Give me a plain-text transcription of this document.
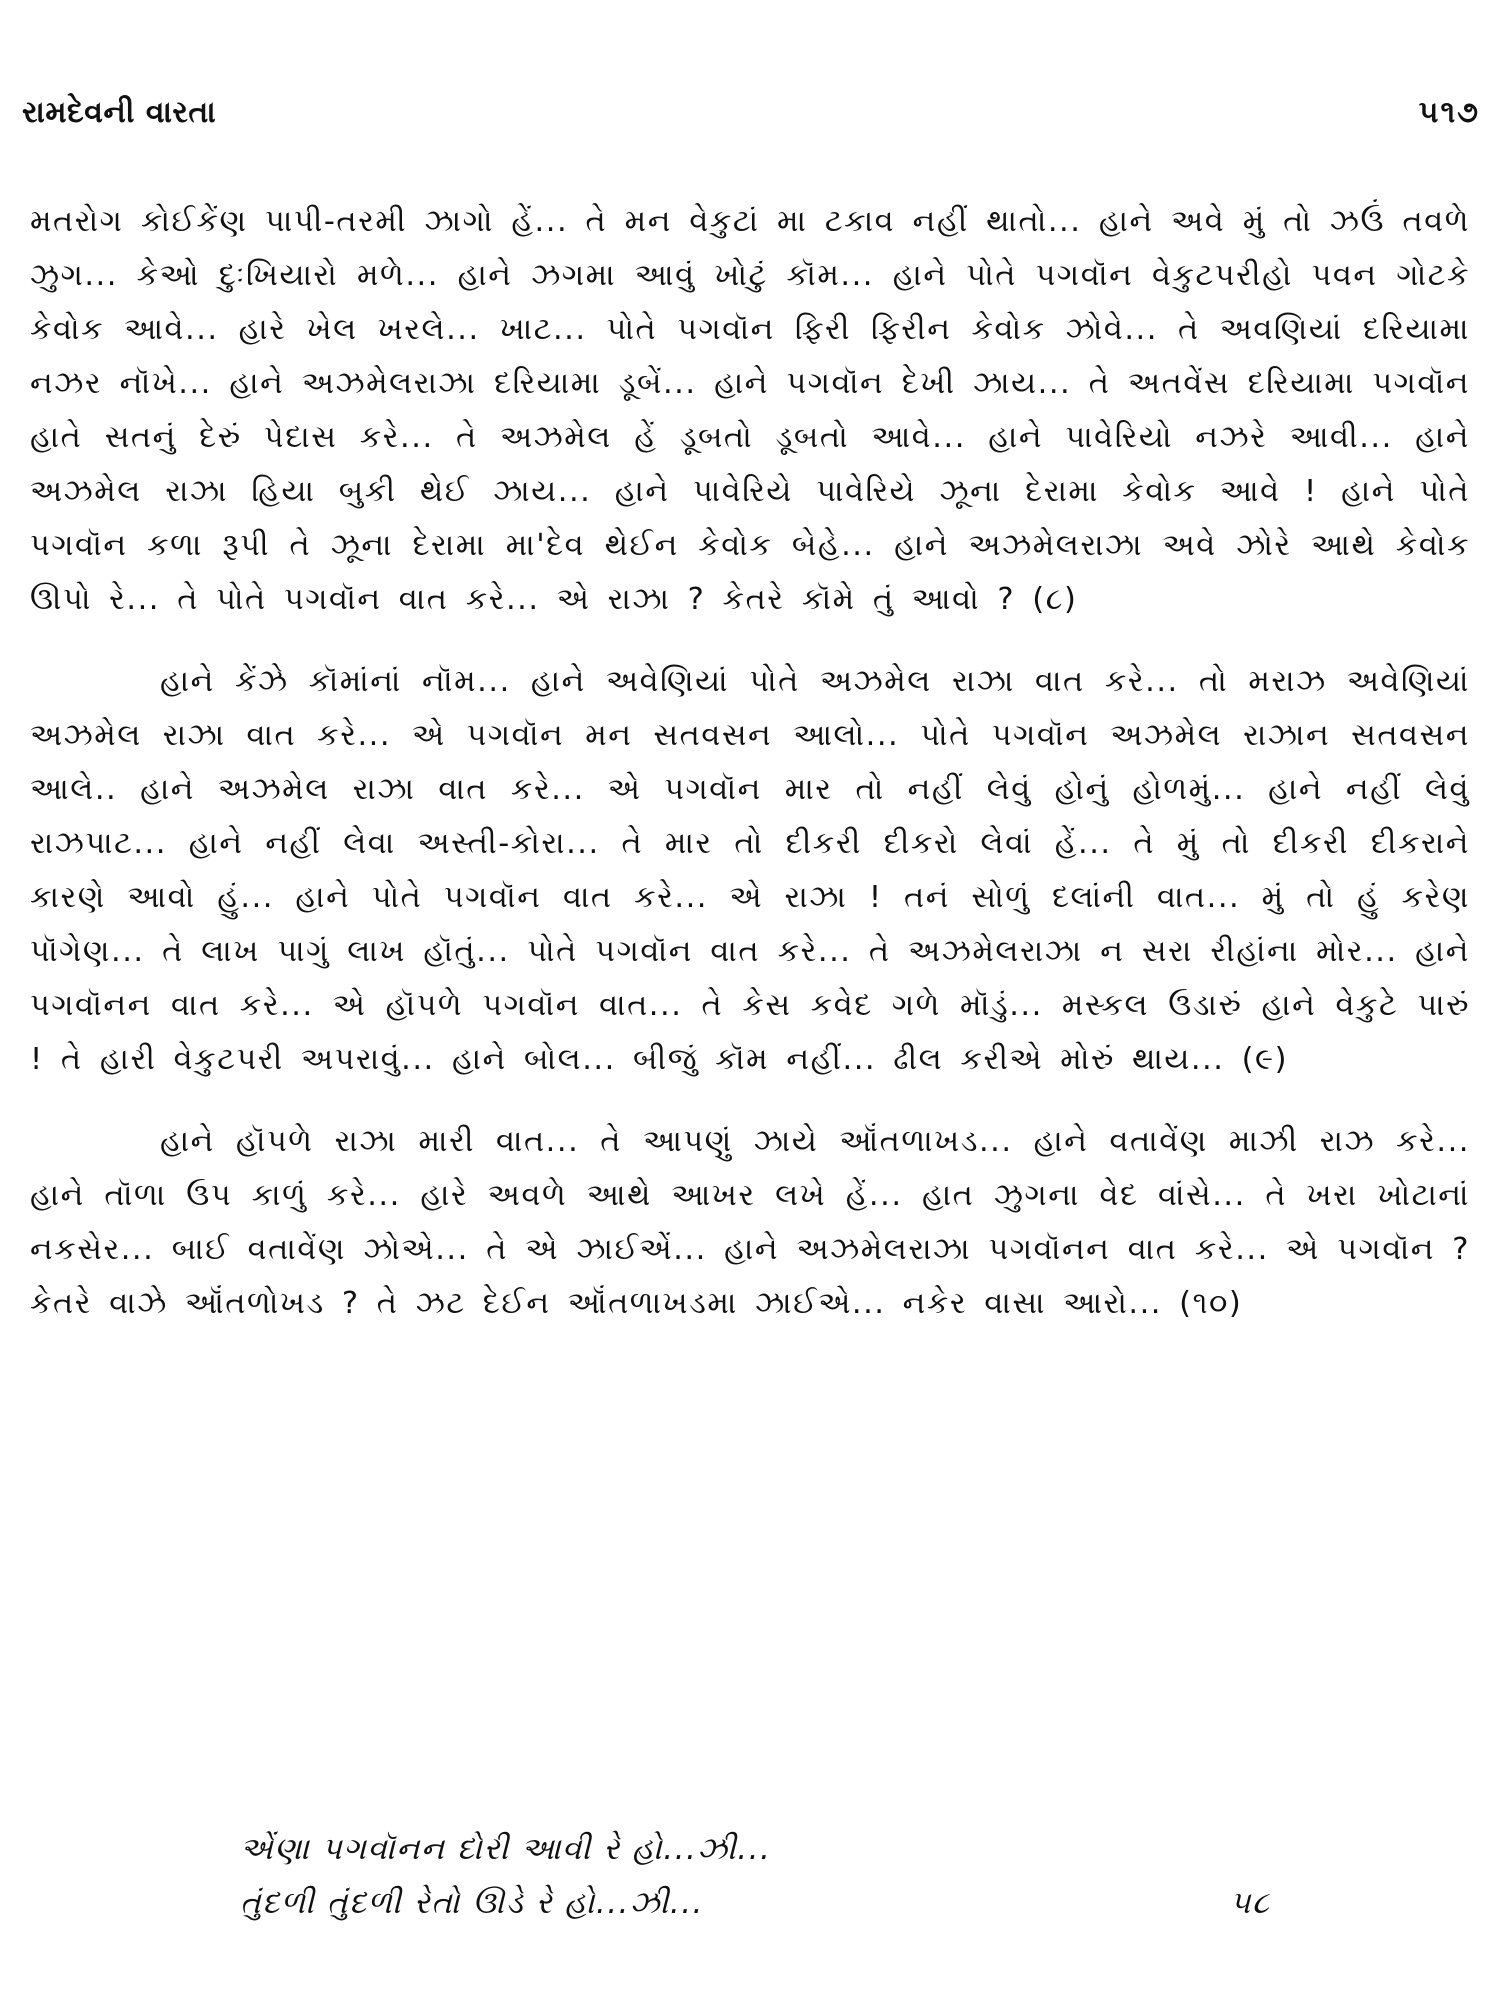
રામદેવની વારતા	૫૧૭

મતરોગ કોઈકેંણ પાપી-તરમી ઝાગો હેં... તે મન વેકુટાં મા ટકાવ નહીં થાતો... હાને અવે મું તો ઝઉં તવળે ઝુગ... કેઓ દુઃખિયારો મળે... હાને ઝગમા આવું ખોટું કૉમ... હાને પોતે પગવૉન વેકુટપરીહો પવન ગોટકે કેવોક આવે... હારે ખેલ ખરલે... ખાટ... પોતે પગવૉન ફિરી ફિરીન કેવોક ઝોવે... તે અવણિયાં દરિયામા નઝર નૉખે... હાને અઝમેલરાઝા દરિયામા ડૂબેં... હાને પગવૉન દેખી ઝાય... તે અતવેંસ દરિયામા પગવૉન હાતે સતનું દેરું પેદાસ કરે... તે અઝમેલ હેં ડૂબતો ડૂબતો આવે... હાને પાવેરિયો નઝરે આવી... હાને અઝમેલ રાઝા હિયા બુકી થેઈ ઝાય... હાને પાવેરિયે પાવેરિયે ઝૂના દેરામા કેવોક આવે ! હાને પોતે પગવૉન કળા રૂપી તે ઝૂના દેરામા મા'દેવ થેઈન કેવોક બેહે... હાને અઝમેલરાઝા અવે ઝોરે આથે કેવોક ઊપો રે... તે પોતે પગવૉન વાત કરે... એ રાઝા ? કેતરે કૉમે તું આવો ? (૮)

હાને કેંઝે કૉમાંનાં નૉમ... હાને અવેણિયાં પોતે અઝમેલ રાઝા વાત કરે... તો મરાઝ અવેણિયાં અઝમેલ રાઝા વાત કરે... એ પગવૉન મન સતવસન આલો... પોતે પગવૉન અઝમેલ રાઝાન સતવસન આલે.. હાને અઝમેલ રાઝા વાત કરે... એ પગવૉન માર તો નહીં લેવું હોનું હોળમું... હાને નહીં લેવું રાઝપાટ... હાને નહીં લેવા અસ્તી-કોરા... તે માર તો દીકરી દીકરો લેવાં હેં... તે મું તો દીકરી દીકરાને કારણે આવો હું... હાને પોતે પગવૉન વાત કરે... એ રાઝા ! તનં સોળું દલાંની વાત... મું તો હું કરેણ પૉગેણ... તે લાખ પાગું લાખ હૉતું... પોતે પગવૉન વાત કરે... તે અઝમેલરાઝા ન સરા રીહાંના મોર... હાને પગવૉનન વાત કરે... એ હૉપળે પગવૉન વાત... તે કેસ કવેદ ગળે મૉડું... મસ્કલ ઉડારું હાને વેકુટે પારું ! તે હારી વેકુટપરી અપરાવું... હાને બોલ... બીજું કૉમ નહીં... ઢીલ કરીએ મોરું થાય... (૯)

હાને હૉપળે રાઝા મારી વાત... તે આપણું ઝાયે ઑંતળાખડ... હાને વતાવેંણ માઝી રાઝ કરે... હાને તૉળા ઉપ કાળું કરે... હારે અવળે આથે આખર લખે હેં... હાત ઝુગના વેદ વાંસે... તે ખરા ખોટાનાં નકસેર... બાઈ વતાવેંણ ઝોએ... તે એ ઝાઈએં... હાને અઝમેલરાઝા પગવૉનન વાત કરે... એ પગવૉન ? કેતરે વાઝે ઑંતળોખડ ? તે ઝટ દેઈન ઑંતળાખડમા ઝાઈએ... નકેર વાસા આરો... (૧૦)

એંણા પગવૉનન દોરી આવી રે હો...ઝી...
તુંદળી તુંદળી રેતો ઊડે રે હો...ઝી...	૫૮
